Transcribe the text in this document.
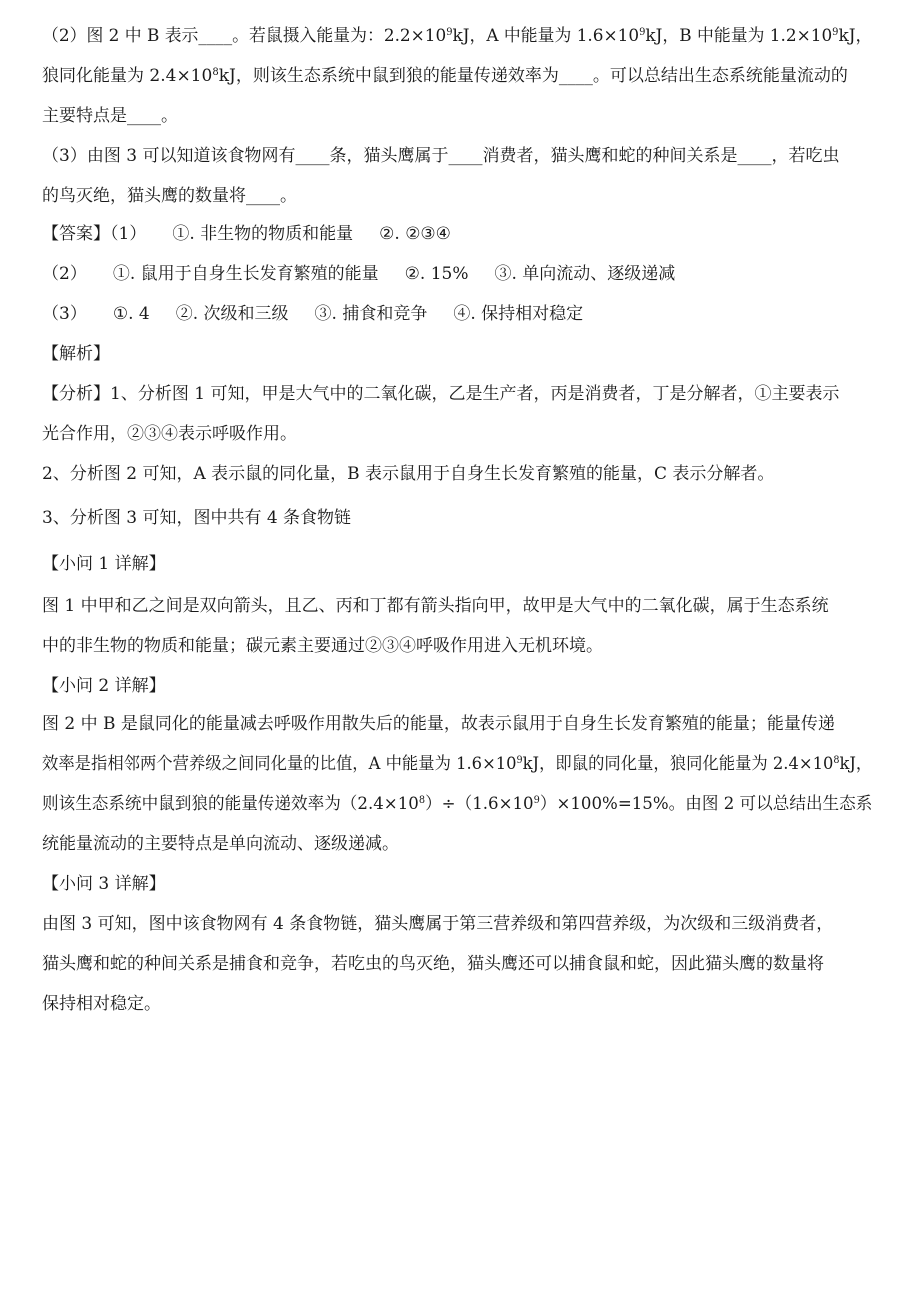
（2）图 2 中 B 表示____。若鼠摄入能量为：$2.2\times 10^9kJ$，A 中能量为 $1.6\times 10^9kJ$，B 中能量为 $1.2\times 10^9kJ$，
狼同化能量为 $2.4\times 10^8kJ$，则该生态系统中鼠到狼的能量传递效率为____。可以总结出生态系统能量流动的
主要特点是____。
（3）由图 3 可以知道该食物网有____条，猫头鹰属于____消费者，猫头鹰和蛇的种间关系是____，若吃虫
的鸟灭绝，猫头鹰的数量将____。
【答案】（1） ①. 非生物的物质和能量 ②. ②③④
（2） ①. 鼠用于自身生长发育繁殖的能量 ②. 15% ③. 单向流动、逐级递减
（3） ①. 4 ②. 次级和三级 ③. 捕食和竞争 ④. 保持相对稳定
【解析】
【分析】1、分析图 1 可知，甲是大气中的二氧化碳，乙是生产者，丙是消费者，丁是分解者，①主要表示
光合作用，②③④表示呼吸作用。
2、分析图 2 可知，A 表示鼠的同化量，B 表示鼠用于自身生长发育繁殖的能量，C 表示分解者。
3、分析图 3 可知，图中共有 4 条食物链
【小问 1 详解】
图 1 中甲和乙之间是双向箭头，且乙、丙和丁都有箭头指向甲，故甲是大气中的二氧化碳，属于生态系统
中的非生物的物质和能量；碳元素主要通过②③④呼吸作用进入无机环境。
【小问 2 详解】
图 2 中 B 是鼠同化的能量减去呼吸作用散失后的能量，故表示鼠用于自身生长发育繁殖的能量；能量传递
效率是指相邻两个营养级之间同化量的比值，A 中能量为 $1.6\times 10^9kJ$，即鼠的同化量，狼同化能量为 $2.4\times 10^8kJ$，
则该生态系统中鼠到狼的能量传递效率为$(2.4\times 10^8)\div(1.6\times 10^9)\times 100\%=15\%$。由图 2 可以总结出生态系
统能量流动的主要特点是单向流动、逐级递减。
【小问 3 详解】
由图 3 可知，图中该食物网有 4 条食物链，猫头鹰属于第三营养级和第四营养级，为次级和三级消费者，
猫头鹰和蛇的种间关系是捕食和竞争，若吃虫的鸟灭绝，猫头鹰还可以捕食鼠和蛇，因此猫头鹰的数量将
保持相对稳定。
